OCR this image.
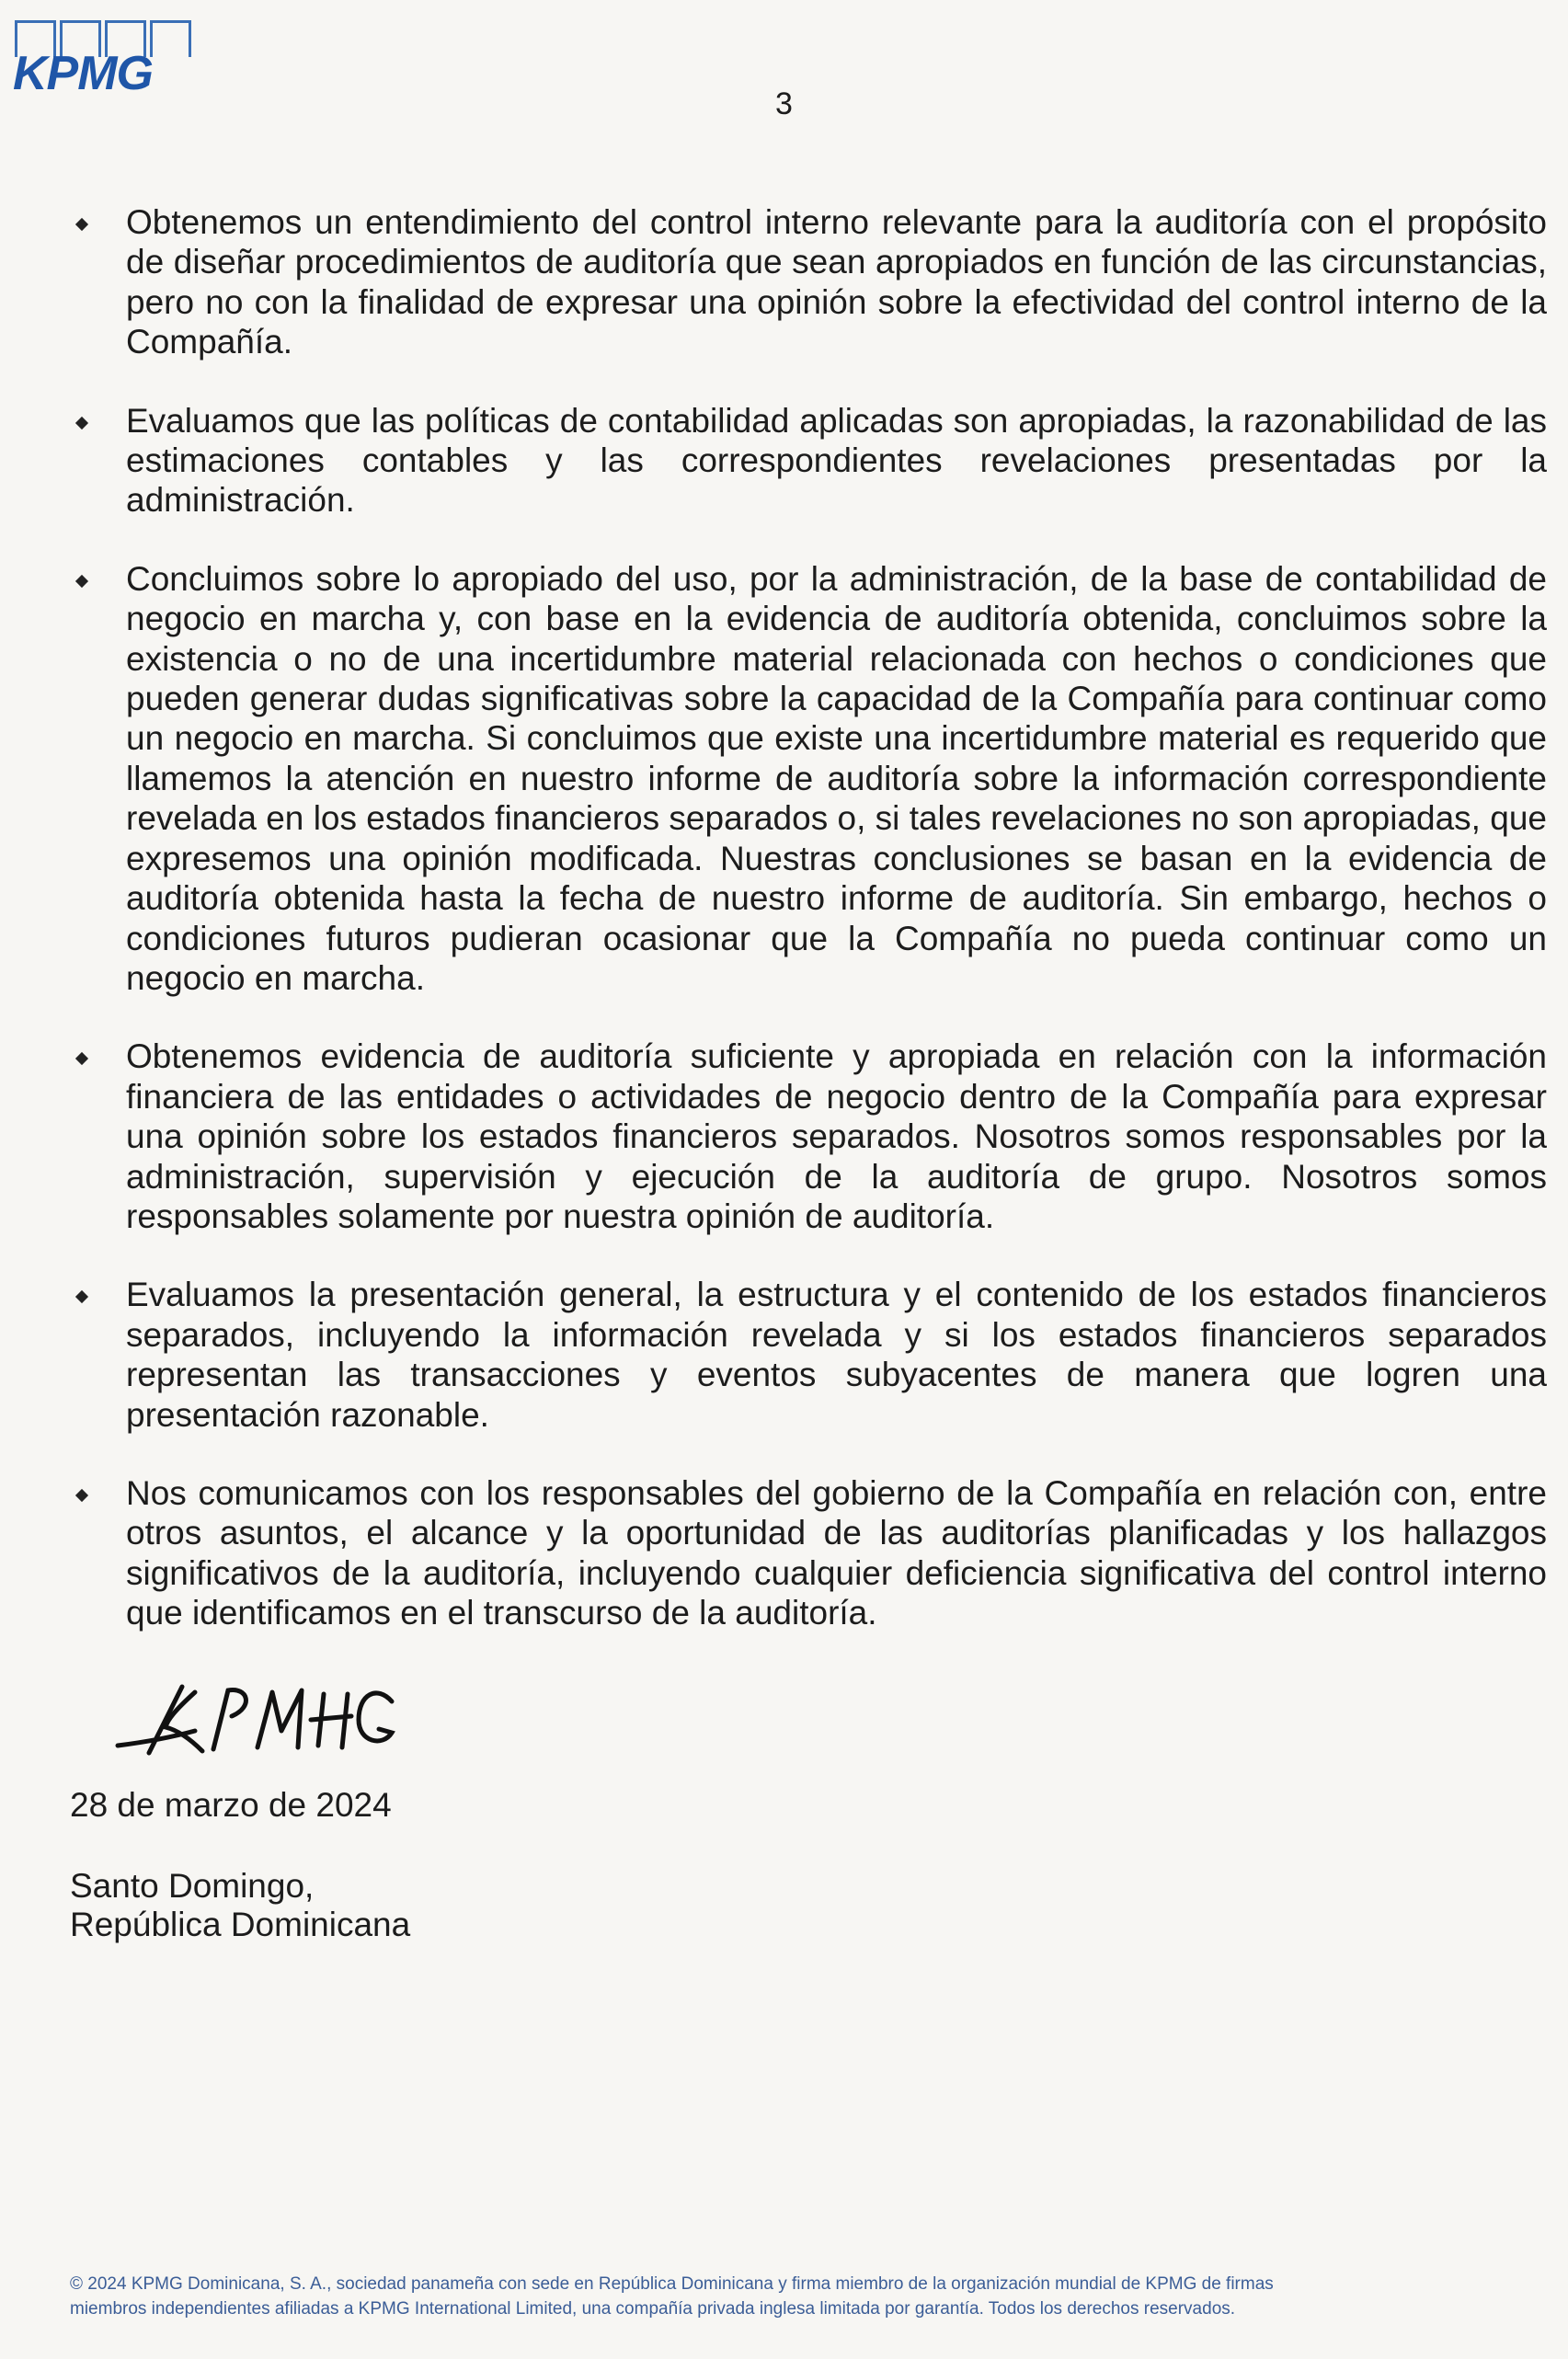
KPMG
3
Obtenemos un entendimiento del control interno relevante para la auditoría con el propósito de diseñar procedimientos de auditoría que sean apropiados en función de las circunstancias, pero no con la finalidad de expresar una opinión sobre la efectividad del control interno de la Compañía.
Evaluamos que las políticas de contabilidad aplicadas son apropiadas, la razonabilidad de las estimaciones contables y las correspondientes revelaciones presentadas por la administración.
Concluimos sobre lo apropiado del uso, por la administración, de la base de contabilidad de negocio en marcha y, con base en la evidencia de auditoría obtenida, concluimos sobre la existencia o no de una incertidumbre material relacionada con hechos o condiciones que pueden generar dudas significativas sobre la capacidad de la Compañía para continuar como un negocio en marcha. Si concluimos que existe una incertidumbre material es requerido que llamemos la atención en nuestro informe de auditoría sobre la información correspondiente revelada en los estados financieros separados o, si tales revelaciones no son apropiadas, que expresemos una opinión modificada. Nuestras conclusiones se basan en la evidencia de auditoría obtenida hasta la fecha de nuestro informe de auditoría. Sin embargo, hechos o condiciones futuros pudieran ocasionar que la Compañía no pueda continuar como un negocio en marcha.
Obtenemos evidencia de auditoría suficiente y apropiada en relación con la información financiera de las entidades o actividades de negocio dentro de la Compañía para expresar una opinión sobre los estados financieros separados. Nosotros somos responsables por la administración, supervisión y ejecución de la auditoría de grupo. Nosotros somos responsables solamente por nuestra opinión de auditoría.
Evaluamos la presentación general, la estructura y el contenido de los estados financieros separados, incluyendo la información revelada y si los estados financieros separados representan las transacciones y eventos subyacentes de manera que logren una presentación razonable.
Nos comunicamos con los responsables del gobierno de la Compañía en relación con, entre otros asuntos, el alcance y la oportunidad de las auditorías planificadas y los hallazgos significativos de la auditoría, incluyendo cualquier deficiencia significativa del control interno que identificamos en el transcurso de la auditoría.
28 de marzo de 2024
Santo Domingo,
República Dominicana
© 2024 KPMG Dominicana, S. A., sociedad panameña con sede en República Dominicana y firma miembro de la organización mundial de KPMG de firmas
miembros independientes afiliadas a KPMG International Limited, una compañía privada inglesa limitada por garantía. Todos los derechos reservados.
